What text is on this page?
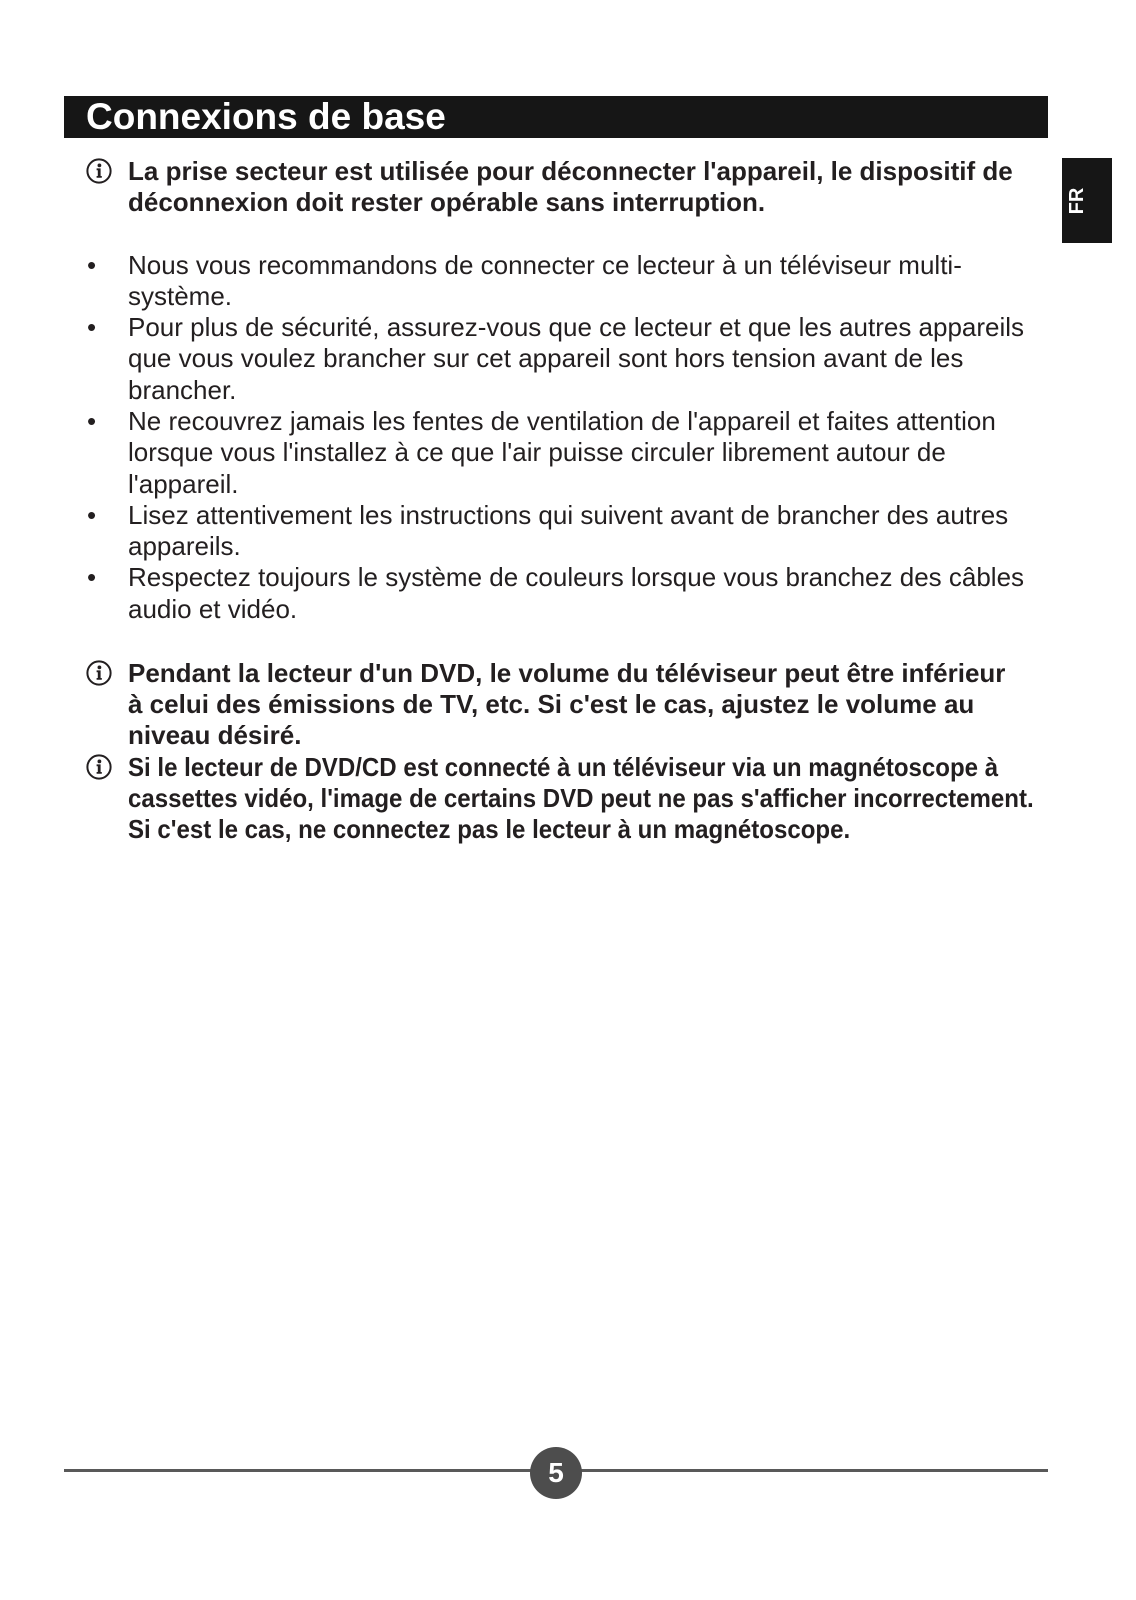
Connexions de base
FR
La prise secteur est utilisée pour déconnecter l'appareil, le dispositif de
déconnexion doit rester opérable sans interruption.
• Nous vous recommandons de connecter ce lecteur à un téléviseur multi-
système.
• Pour plus de sécurité, assurez-vous que ce lecteur et que les autres appareils
que vous voulez brancher sur cet appareil sont hors tension avant de les
brancher.
• Ne recouvrez jamais les fentes de ventilation de l'appareil et faites attention
lorsque vous l'installez à ce que l'air puisse circuler librement autour de
l'appareil.
• Lisez attentivement les instructions qui suivent avant de brancher des autres
appareils.
• Respectez toujours le système de couleurs lorsque vous branchez des câbles
audio et vidéo.
Pendant la lecteur d'un DVD, le volume du téléviseur peut être inférieur
à celui des émissions de TV, etc. Si c'est le cas, ajustez le volume au
niveau désiré.
Si le lecteur de DVD/CD est connecté à un téléviseur via un magnétoscope à
cassettes vidéo, l'image de certains DVD peut ne pas s'afficher incorrectement.
Si c'est le cas, ne connectez pas le lecteur à un magnétoscope.
5
